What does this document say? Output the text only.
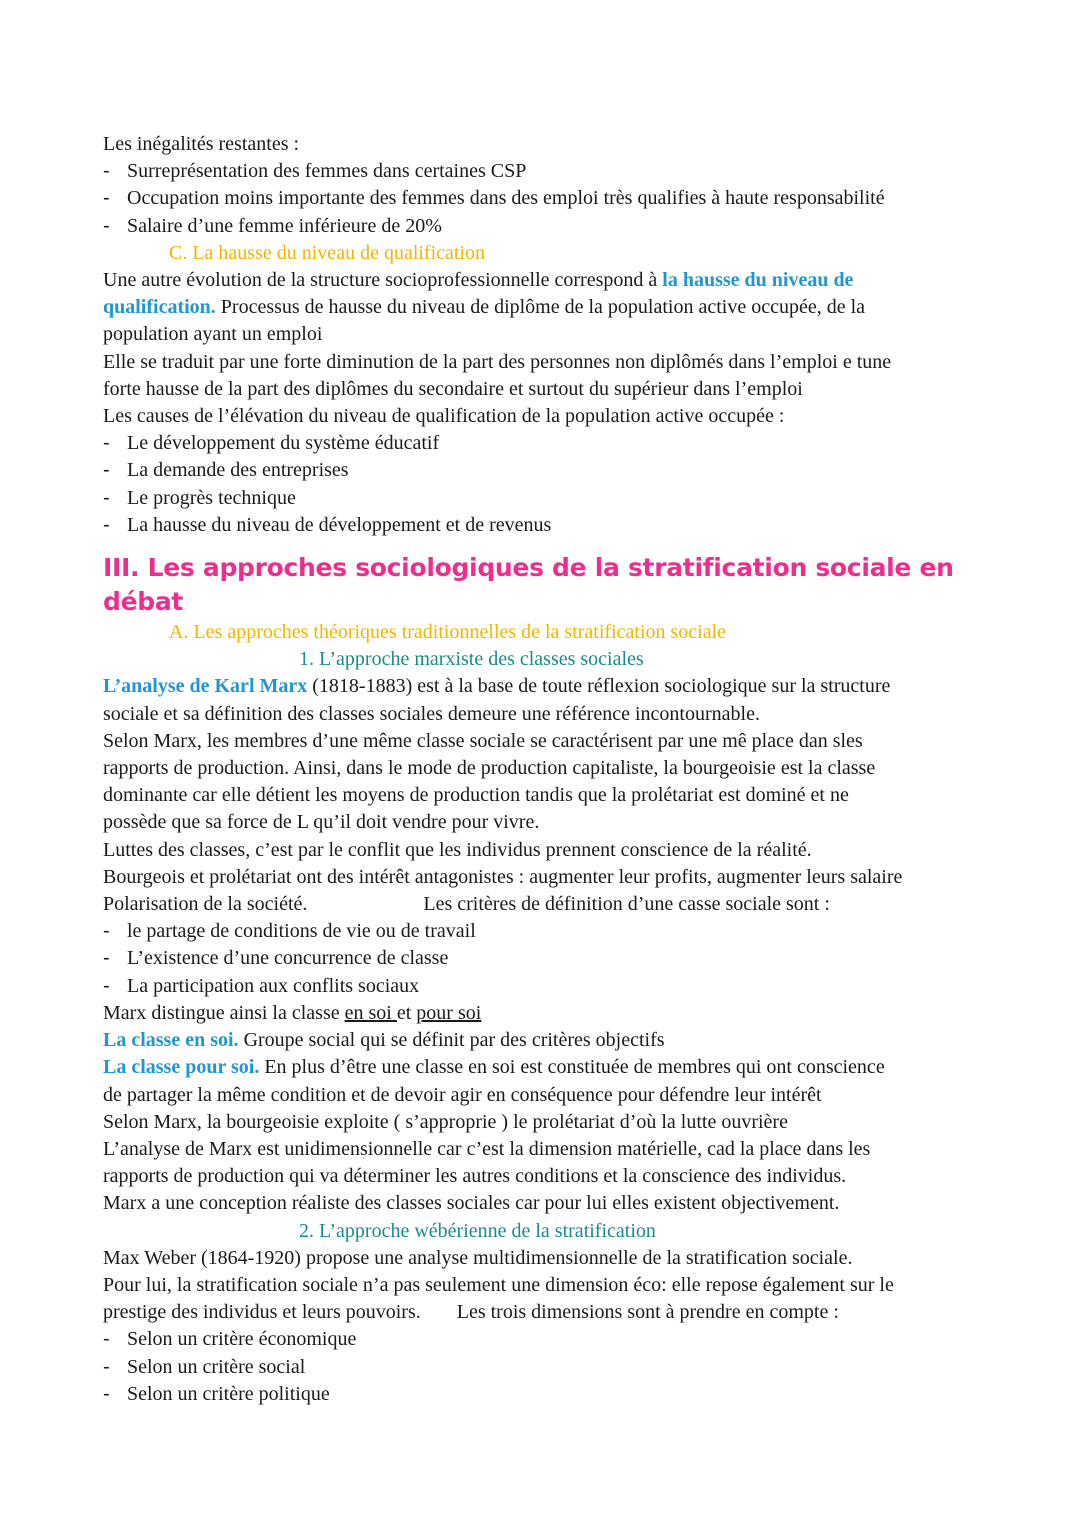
Les inégalités restantes :
- Surreprésentation des femmes dans certaines CSP
- Occupation moins importante des femmes dans des emploi très qualifies à haute responsabilité
- Salaire d’une femme inférieure de 20%
C. La hausse du niveau de qualification
Une autre évolution de la structure socioprofessionnelle correspond à la hausse du niveau de
qualification. Processus de hausse du niveau de diplôme de la population active occupée, de la
population ayant un emploi
Elle se traduit par une forte diminution de la part des personnes non diplômés dans l’emploi e tune
forte hausse de la part des diplômes du secondaire et surtout du supérieur dans l’emploi
Les causes de l’élévation du niveau de qualification de la population active occupée :
- Le développement du système éducatif
- La demande des entreprises
- Le progrès technique
- La hausse du niveau de développement et de revenus
III. Les approches sociologiques de la stratification sociale en débat
A. Les approches théoriques traditionnelles de la stratification sociale
1. L’approche marxiste des classes sociales
L’analyse de Karl Marx (1818-1883) est à la base de toute réflexion sociologique sur la structure
sociale et sa définition des classes sociales demeure une référence incontournable.
Selon Marx, les membres d’une même classe sociale se caractérisent par une mê place dan sles
rapports de production. Ainsi, dans le mode de production capitaliste, la bourgeoisie est la classe
dominante car elle détient les moyens de production tandis que la prolétariat est dominé et ne
possède que sa force de L qu’il doit vendre pour vivre.
Luttes des classes, c’est par le conflit que les individus prennent conscience de la réalité.
Bourgeois et prolétariat ont des intérêt antagonistes : augmenter leur profits, augmenter leurs salaire
Polarisation de la société.	Les critères de définition d’une casse sociale sont :
- le partage de conditions de vie ou de travail
- L’existence d’une concurrence de classe
- La participation aux conflits sociaux
Marx distingue ainsi la classe en soi et pour soi
La classe en soi. Groupe social qui se définit par des critères objectifs
La classe pour soi. En plus d’être une classe en soi est constituée de membres qui ont conscience
de partager la même condition et de devoir agir en conséquence pour défendre leur intérêt
Selon Marx, la bourgeoisie exploite ( s’approprie ) le prolétariat d’où la lutte ouvrière
L’analyse de Marx est unidimensionnelle car c’est la dimension matérielle, cad la place dans les
rapports de production qui va déterminer les autres conditions et la conscience des individus.
Marx a une conception réaliste des classes sociales car pour lui elles existent objectivement.
2. L’approche wébérienne de la stratification
Max Weber (1864-1920) propose une analyse multidimensionnelle de la stratification sociale.
Pour lui, la stratification sociale n’a pas seulement une dimension éco: elle repose également sur le
prestige des individus et leurs pouvoirs. Les trois dimensions sont à prendre en compte :
- Selon un critère économique
- Selon un critère social
- Selon un critère politique
